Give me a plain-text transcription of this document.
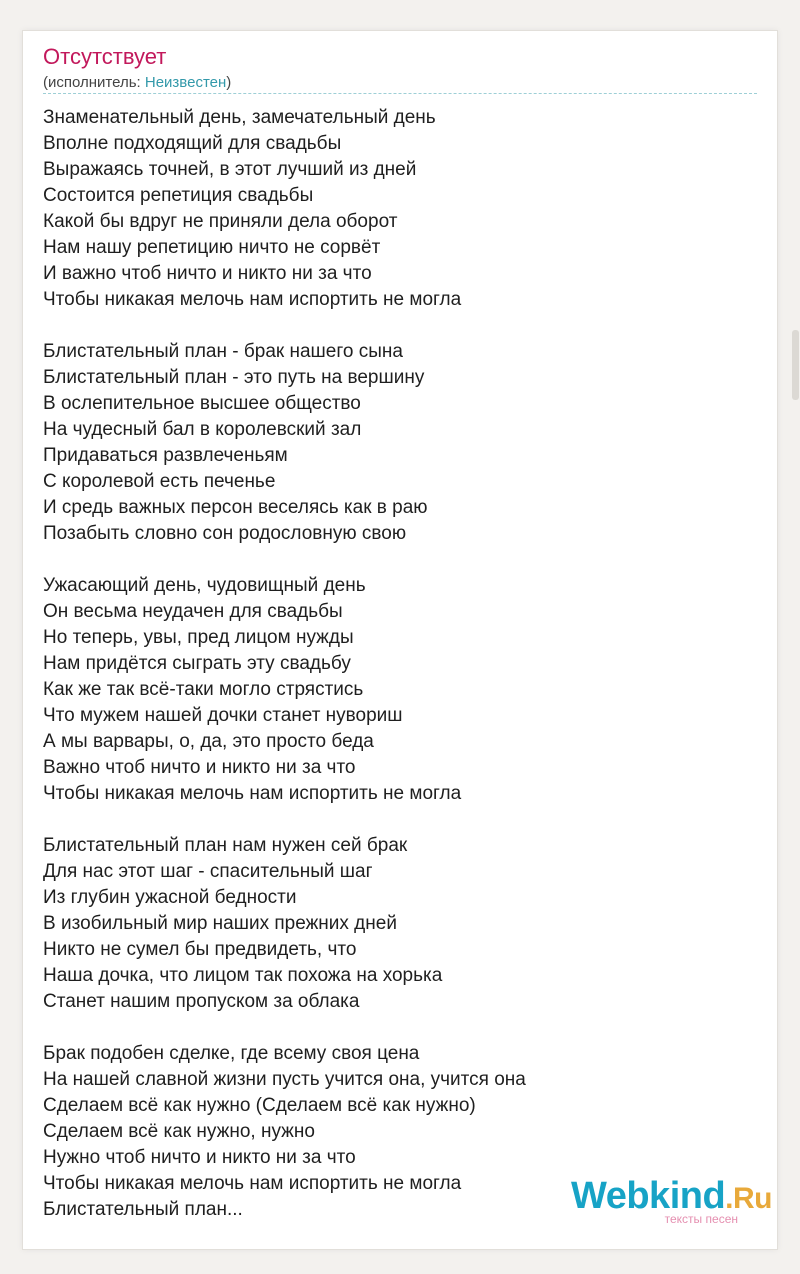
Отсутствует
(исполнитель: Неизвестен)
Знаменательный день, замечательный день
Вполне подходящий для свадьбы
Выражаясь точней, в этот лучший из дней
Состоится репетиция свадьбы
Какой бы вдруг не приняли дела оборот
Нам нашу репетицию ничто не сорвёт
И важно чтоб ничто и никто ни за что
Чтобы никакая мелочь нам испортить не могла
Блистательный план - брак нашего сына
Блистательный план - это путь на вершину
В ослепительное высшее общество
На чудесный бал в королевский зал
Придаваться развлеченьям
С королевой есть печенье
И средь важных персон веселясь как в раю
Позабыть словно сон родословную свою
Ужасающий день, чудовищный день
Он весьма неудачен для свадьбы
Но теперь, увы, пред лицом нужды
Нам придётся сыграть эту свадьбу
Как же так всё-таки могло стрястись
Что мужем нашей дочки станет нувориш
А мы варвары, о, да, это просто беда
Важно чтоб ничто и никто ни за что
Чтобы никакая мелочь нам испортить не могла
Блистательный план нам нужен сей брак
Для нас этот шаг - спасительный шаг
Из глубин ужасной бедности
В изобильный мир наших прежних дней
Никто не сумел бы предвидеть, что
Наша дочка, что лицом так похожа на хорька
Станет нашим пропуском за облака
Брак подобен сделке, где всему своя цена
На нашей славной жизни пусть учится она, учится она
Сделаем всё как нужно (Сделаем всё как нужно)
Сделаем всё как нужно, нужно
Нужно чтоб ничто и никто ни за что
Чтобы никакая мелочь нам испортить не могла
Блистательный план...	Webkind.Ru
тексты песен
